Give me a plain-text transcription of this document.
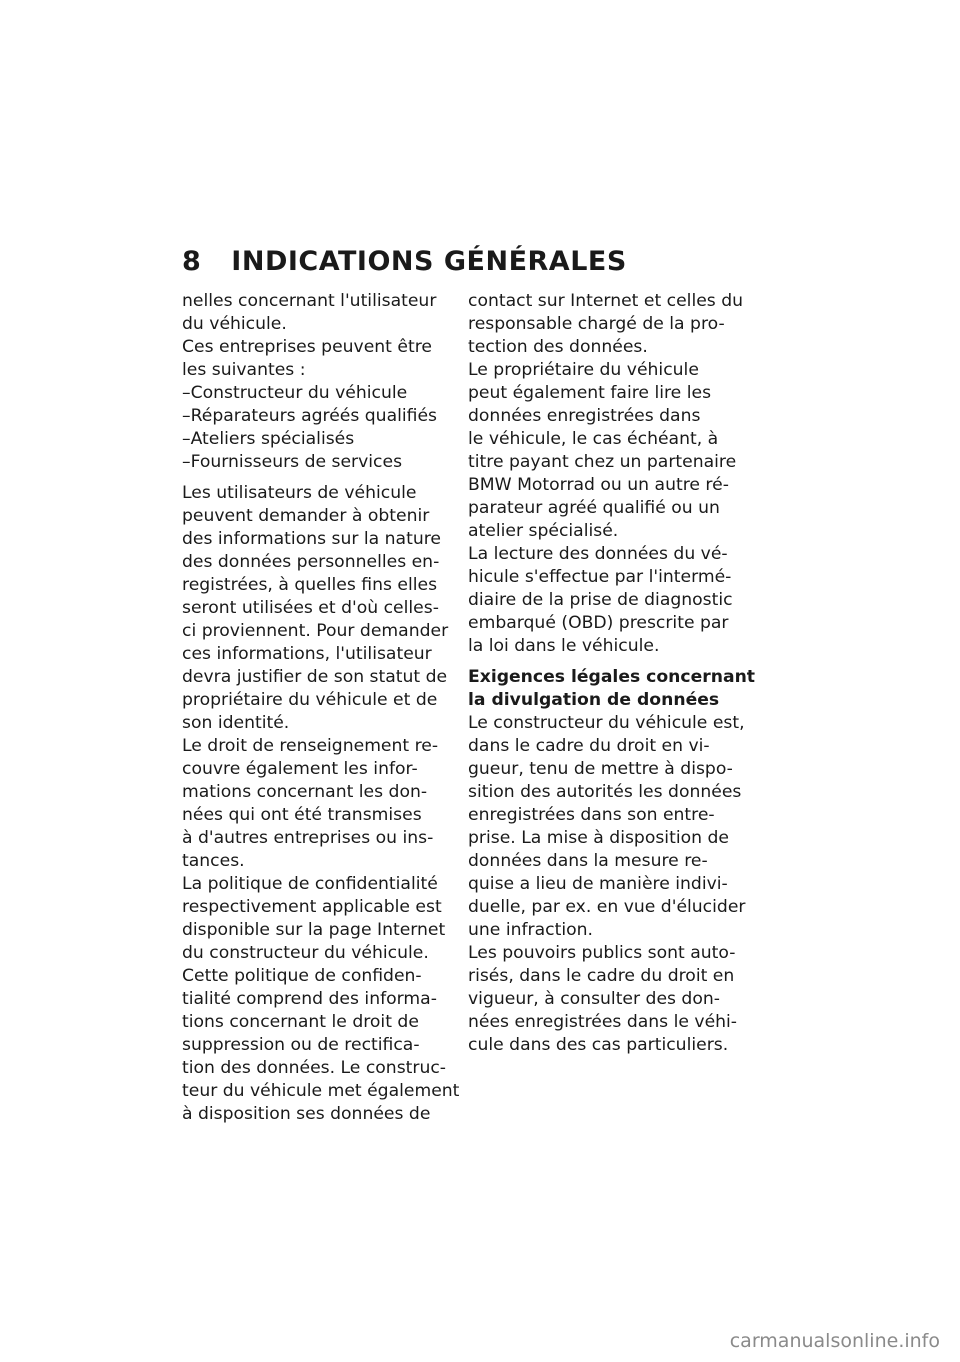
8 INDICATIONS GÉNÉRALES
nelles concernant l'utilisateur
du véhicule.
Ces entreprises peuvent être
les suivantes :
–Constructeur du véhicule
–Réparateurs agréés qualifiés
–Ateliers spécialisés
–Fournisseurs de services
Les utilisateurs de véhicule
peuvent demander à obtenir
des informations sur la nature
des données personnelles en-
registrées, à quelles fins elles
seront utilisées et d'où celles-
ci proviennent. Pour demander
ces informations, l'utilisateur
devra justifier de son statut de
propriétaire du véhicule et de
son identité.
Le droit de renseignement re-
couvre également les infor-
mations concernant les don-
nées qui ont été transmises
à d'autres entreprises ou ins-
tances.
La politique de confidentialité
respectivement applicable est
disponible sur la page Internet
du constructeur du véhicule.
Cette politique de confiden-
tialité comprend des informa-
tions concernant le droit de
suppression ou de rectifica-
tion des données. Le construc-
teur du véhicule met également
à disposition ses données de
contact sur Internet et celles du
responsable chargé de la pro-
tection des données.
Le propriétaire du véhicule
peut également faire lire les
données enregistrées dans
le véhicule, le cas échéant, à
titre payant chez un partenaire
BMW Motorrad ou un autre ré-
parateur agréé qualifié ou un
atelier spécialisé.
La lecture des données du vé-
hicule s'effectue par l'intermé-
diaire de la prise de diagnostic
embarqué (OBD) prescrite par
la loi dans le véhicule.
Exigences légales concernant
la divulgation de données
Le constructeur du véhicule est,
dans le cadre du droit en vi-
gueur, tenu de mettre à dispo-
sition des autorités les données
enregistrées dans son entre-
prise. La mise à disposition de
données dans la mesure re-
quise a lieu de manière indivi-
duelle, par ex. en vue d'élucider
une infraction.
Les pouvoirs publics sont auto-
risés, dans le cadre du droit en
vigueur, à consulter des don-
nées enregistrées dans le véhi-
cule dans des cas particuliers.
carmanualsonline.info
